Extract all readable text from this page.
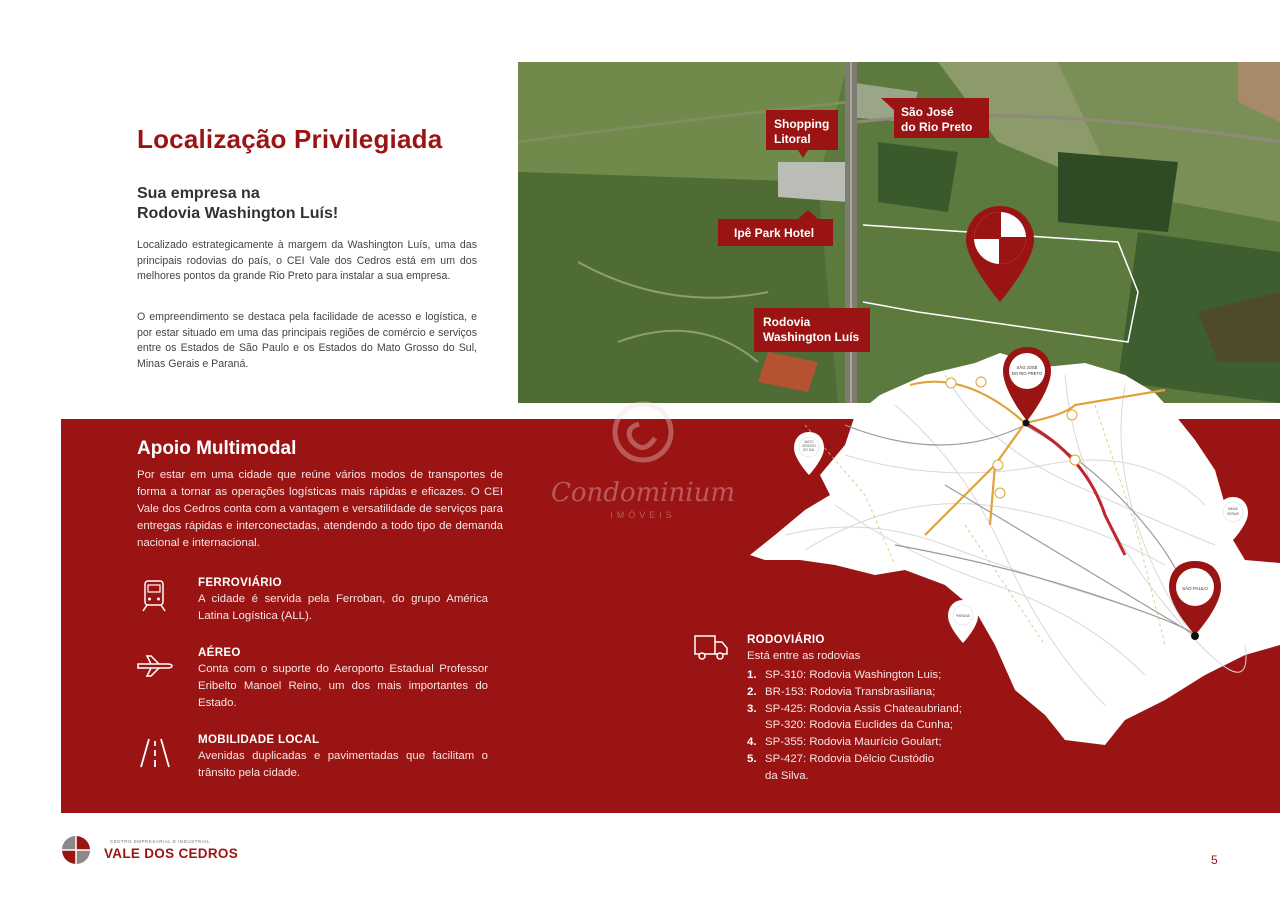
Localização Privilegiada
Sua empresa na
Rodovia Washington Luís!
Localizado estrategicamente à margem da Washington Luís, uma das principais rodovias do país, o CEI Vale dos Cedros está em um dos melhores pontos da grande Rio Preto para instalar a sua empresa.
O empreendimento se destaca pela facilidade de acesso e logística, e por estar situado em uma das principais regiões de comércio e serviços entre os Estados de São Paulo e os Estados do Mato Grosso do Sul, Minas Gerais e Paraná.
Shopping
Litoral
São José
do Rio Preto
Ipê Park Hotel
Rodovia
Washington Luís
Condominium
IMÓVEIS
Apoio Multimodal
Por estar em uma cidade que reúne vários modos de transportes de forma a tornar as operações logísticas mais rápidas e eficazes. O CEI Vale dos Cedros conta com a vantagem e versatilidade de serviços para entregas rápidas e interconectadas, atendendo a todo tipo de demanda nacional e internacional.
FERROVIÁRIO
A cidade é servida pela Ferroban, do grupo América Latina Logística (ALL).
AÉREO
Conta com o suporte do Aeroporto Estadual Professor Eribelto Manoel Reino, um dos mais importantes do Estado.
MOBILIDADE LOCAL
Avenidas duplicadas e pavimentadas que facilitam o trânsito pela cidade.
SÃO JOSÉ
DO RIO PRETO
SÃO PAULO
MATO
GROSSO
DO SUL
MINAS
GERAIS
PARANÁ
RODOVIÁRIO
Está entre as rodovias
1. SP-310: Rodovia Washington Luis;
2. BR-153: Rodovia Transbrasiliana;
3. SP-425: Rodovia Assis Chateaubriand;
SP-320: Rodovia Euclides da Cunha;
4. SP-355: Rodovia Maurício Goulart;
5. SP-427: Rodovia Délcio Custódio
da Silva.
CENTRO EMPRESARIAL E INDUSTRIAL
VALE DOS CEDROS	5
